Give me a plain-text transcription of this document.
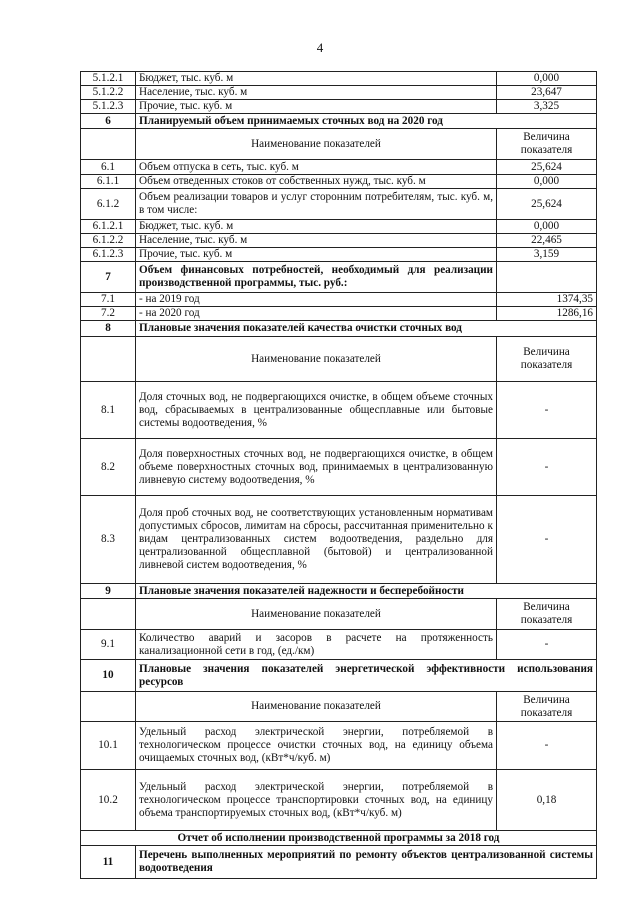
4
5.1.2.1	Бюджет, тыс. куб. м	0,000
5.1.2.2	Население, тыс. куб. м	23,647
5.1.2.3	Прочие, тыс. куб. м	3,325
6	Планируемый объем принимаемых сточных вод на 2020 год	
	Наименование показателей	Величина показателя
6.1	Объем отпуска в сеть, тыс. куб. м	25,624
6.1.1	Объем отведенных стоков от собственных нужд, тыс. куб. м	0,000
6.1.2	Объем реализации товаров и услуг сторонним потребителям, тыс. куб. м, в том числе:	25,624
6.1.2.1	Бюджет, тыс. куб. м	0,000
6.1.2.2	Население, тыс. куб. м	22,465
6.1.2.3	Прочие, тыс. куб. м	3,159
7	Объем финансовых потребностей, необходимый для реализации производственной программы, тыс. руб.:	
7.1	- на 2019 год	1374,35
7.2	- на 2020 год	1286,16
8	Плановые значения показателей качества очистки сточных вод	
	Наименование показателей	Величина показателя
8.1	Доля сточных вод, не подвергающихся очистке, в общем объеме сточных вод, сбрасываемых в централизованные общесплавные или бытовые системы водоотведения, %	-
8.2	Доля поверхностных сточных вод, не подвергающихся очистке, в общем объеме поверхностных сточных вод, принимаемых в централизованную ливневую систему водоотведения, %	-
8.3	Доля проб сточных вод, не соответствующих установленным нормативам допустимых сбросов, лимитам на сбросы, рассчитанная применительно к видам централизованных систем водоотведения, раздельно для централизованной общесплавной (бытовой) и централизованной ливневой систем водоотведения, %	-
9	Плановые значения показателей надежности и бесперебойности	
	Наименование показателей	Величина показателя
9.1	Количество аварий и засоров в расчете на протяженность канализационной сети в год, (ед./км)	-
10	Плановые значения показателей энергетической эффективности использования ресурсов	
	Наименование показателей	Величина показателя
10.1	Удельный расход электрической энергии, потребляемой в технологическом процессе очистки сточных вод, на единицу объема очищаемых сточных вод, (кВт*ч/куб. м)	-
10.2	Удельный расход электрической энергии, потребляемой в технологическом процессе транспортировки сточных вод, на единицу объема транспортируемых сточных вод, (кВт*ч/куб. м)	0,18
Отчет об исполнении производственной программы за 2018 год		
11	Перечень выполненных мероприятий по ремонту объектов централизованной системы водоотведения	
